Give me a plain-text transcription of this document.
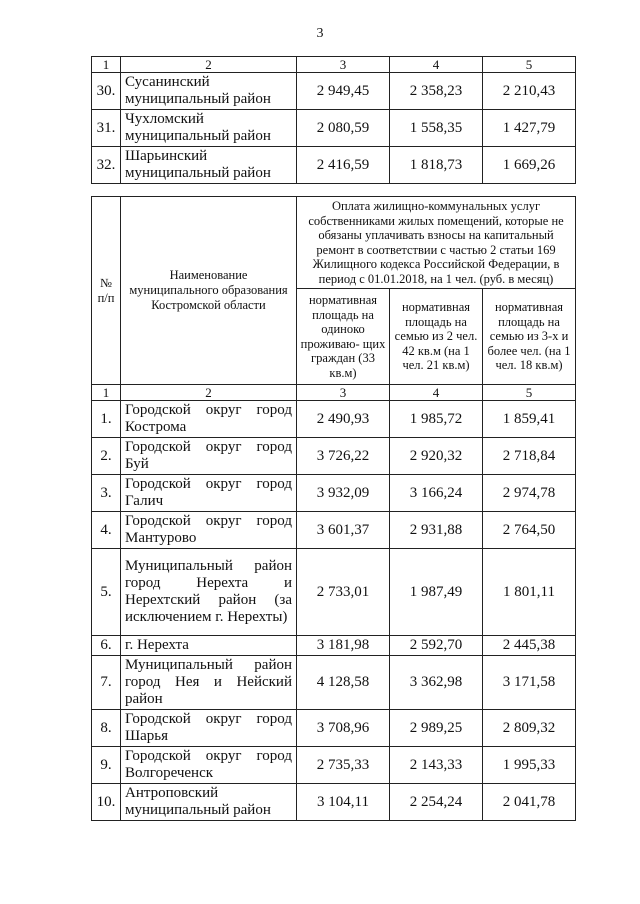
3
1	2	3	4	5
30.	Сусанинский муниципальный район	2 949,45	2 358,23	2 210,43
31.	Чухломский муниципальный район	2 080,59	1 558,35	1 427,79
32.	Шарьинский муниципальный район	2 416,59	1 818,73	1 669,26
№ п/п	Наименование муниципального образования Костромской области	Оплата жилищно-коммунальных услуг собственниками жилых помещений, которые не обязаны уплачивать взносы на капитальный ремонт в соответствии с частью 2 статьи 169 Жилищного кодекса Российской Федерации, в период с 01.01.2018, на 1 чел. (руб. в месяц)		
		нормативная площадь на одиноко проживаю- щих граждан (33 кв.м)	нормативная площадь на семью из 2 чел. 42 кв.м (на 1 чел. 21 кв.м)	нормативная площадь на семью из 3-х и более чел. (на 1 чел. 18 кв.м)
1	2	3	4	5
1.	Городской округ город Кострома	2 490,93	1 985,72	1 859,41
2.	Городской округ город Буй	3 726,22	2 920,32	2 718,84
3.	Городской округ город Галич	3 932,09	3 166,24	2 974,78
4.	Городской округ город Мантурово	3 601,37	2 931,88	2 764,50
5.	Муниципальный район город Нерехта и Нерехтский район (за исключением г. Нерехты)	2 733,01	1 987,49	1 801,11
6.	г. Нерехта	3 181,98	2 592,70	2 445,38
7.	Муниципальный район город Нея и Нейский район	4 128,58	3 362,98	3 171,58
8.	Городской округ город Шарья	3 708,96	2 989,25	2 809,32
9.	Городской округ город Волгореченск	2 735,33	2 143,33	1 995,33
10.	Антроповский муниципальный район	3 104,11	2 254,24	2 041,78
